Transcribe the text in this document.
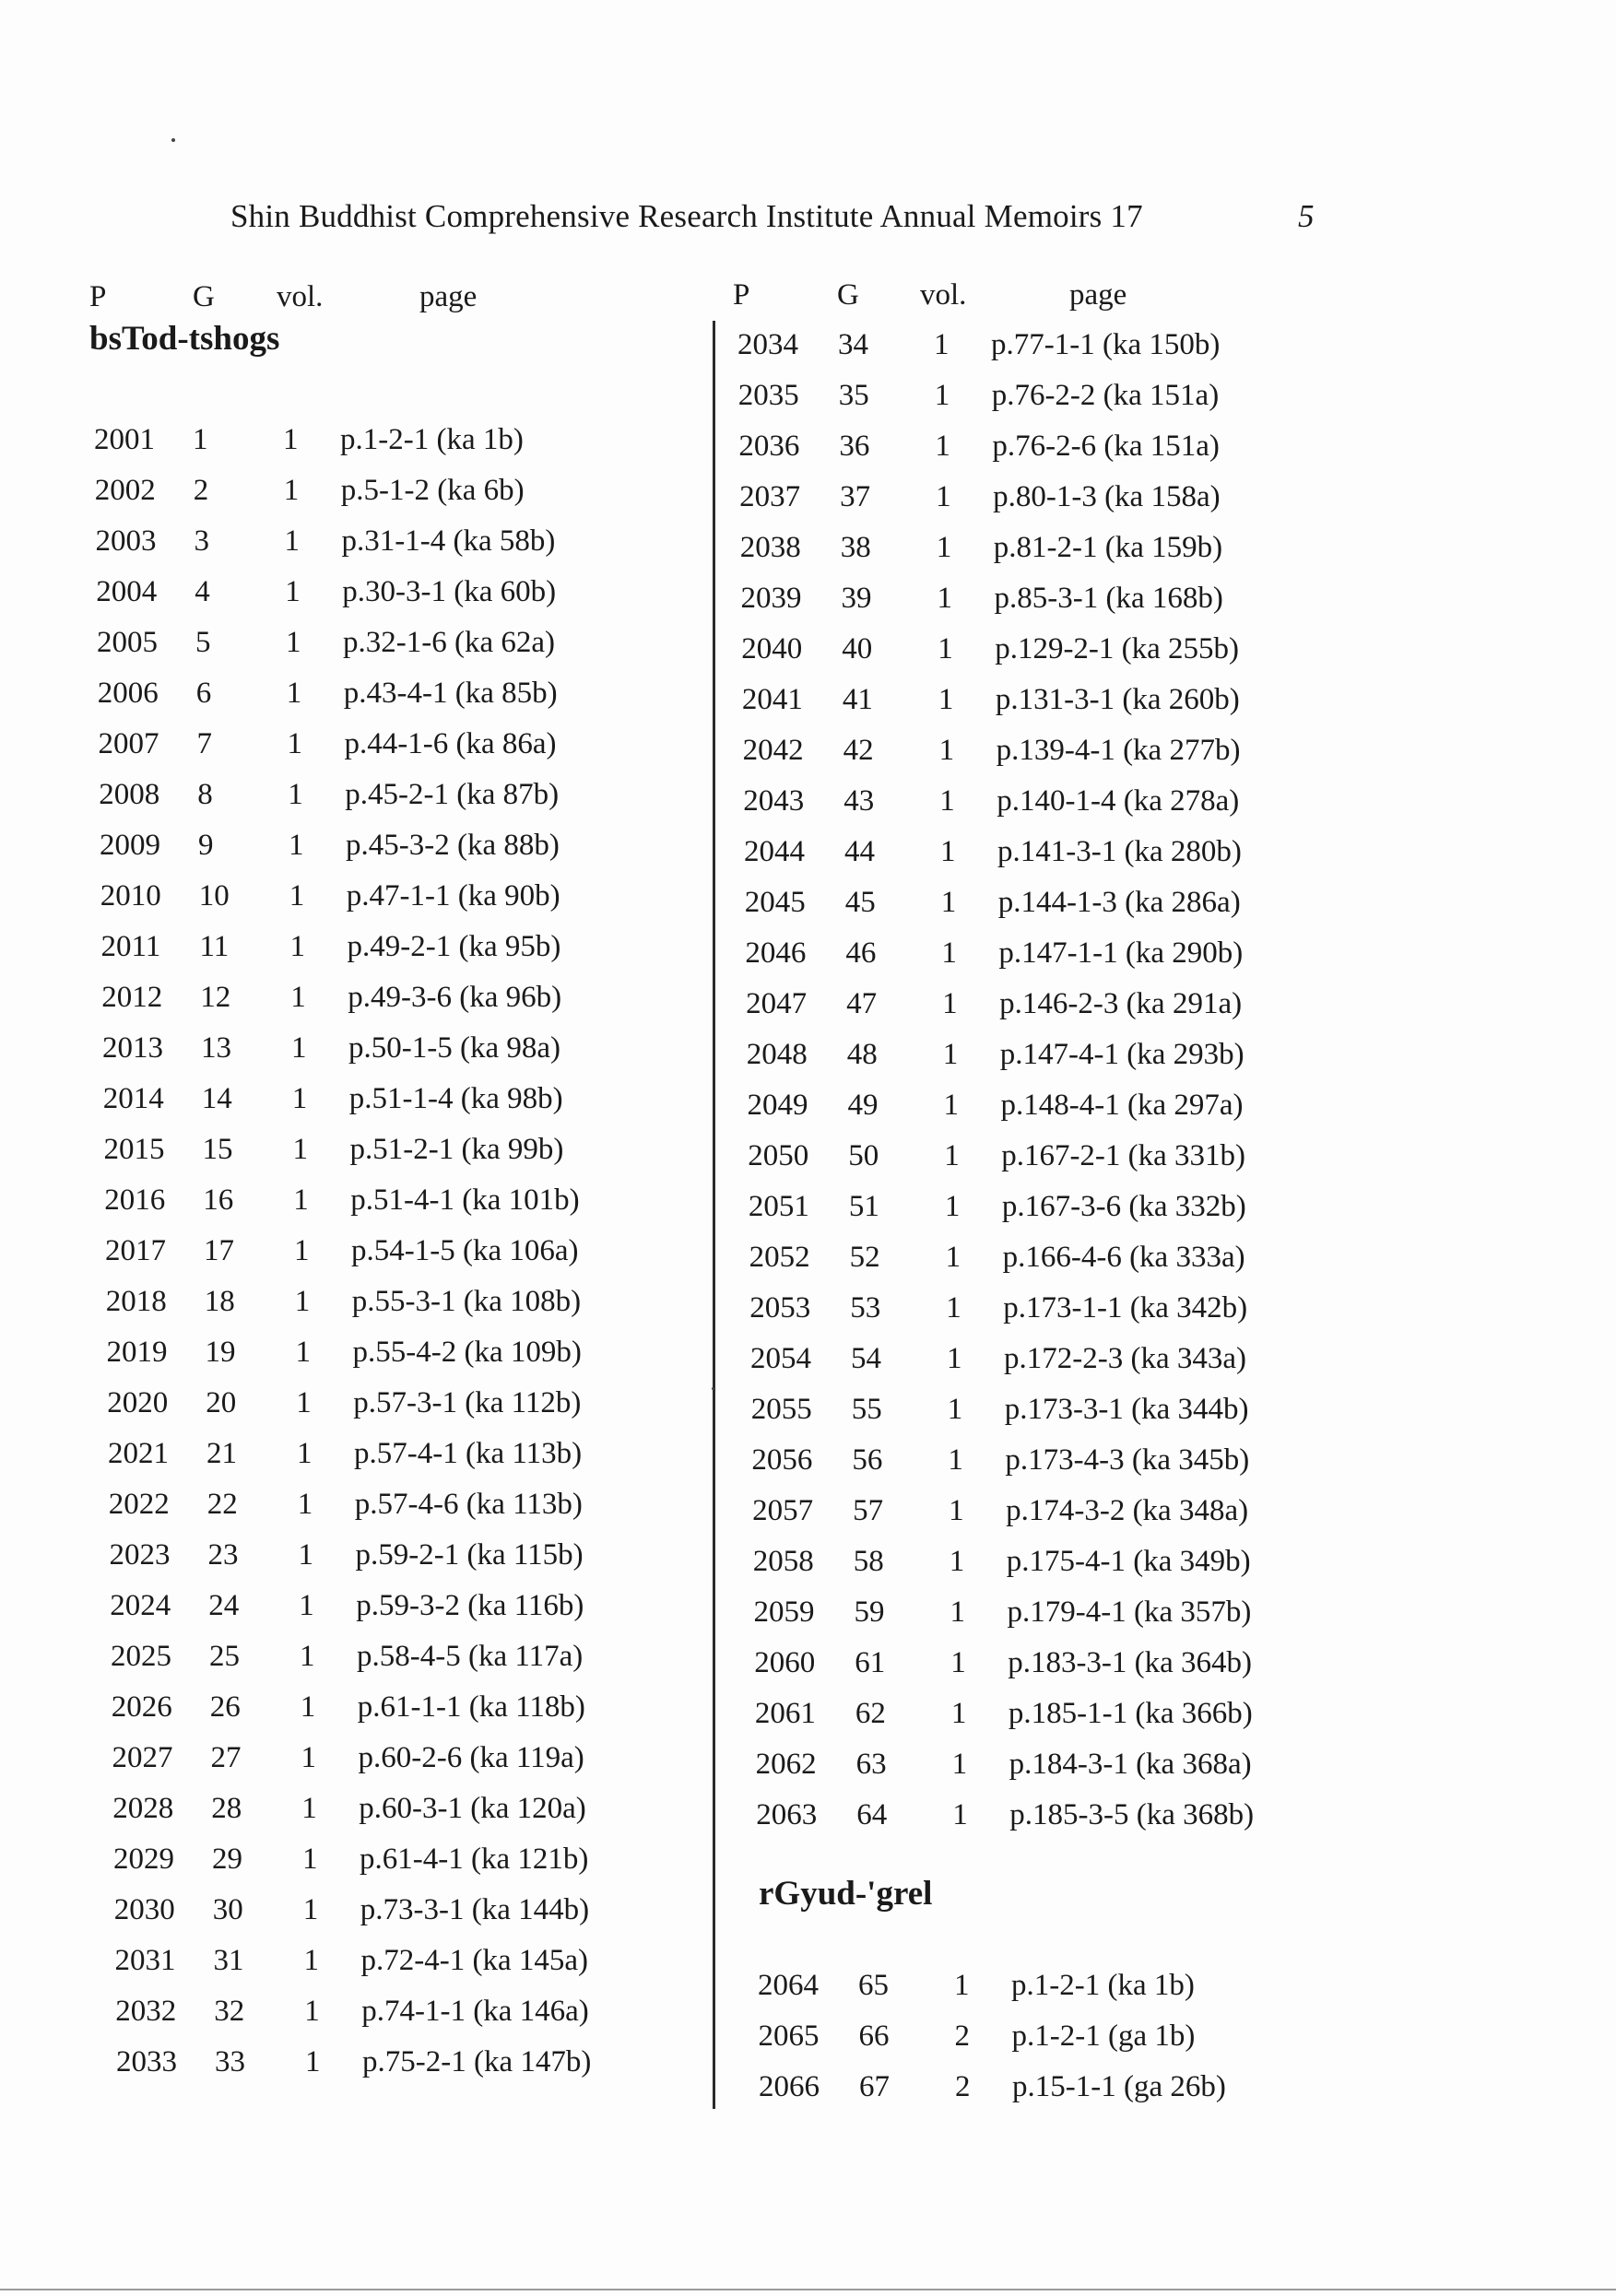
Shin Buddhist Comprehensive Research Institute Annual Memoirs 17	5
P	G vol.	page	P	G vol.	page
bsTod-tshogs
2001 1 1 p.1-2-1 (ka 1b)
2002 2 1 p.5-1-2 (ka 6b)
2003 3 1 p.31-1-4 (ka 58b)
2004 4 1 p.30-3-1 (ka 60b)
2005 5 1 p.32-1-6 (ka 62a)
2006 6 1 p.43-4-1 (ka 85b)
2007 7 1 p.44-1-6 (ka 86a)
2008 8 1 p.45-2-1 (ka 87b)
2009 9 1 p.45-3-2 (ka 88b)
2010 10 1 p.47-1-1 (ka 90b)
2011 11 1 p.49-2-1 (ka 95b)
2012 12 1 p.49-3-6 (ka 96b)
2013 13 1 p.50-1-5 (ka 98a)
2014 14 1 p.51-1-4 (ka 98b)
2015 15 1 p.51-2-1 (ka 99b)
2016 16 1 p.51-4-1 (ka 101b)
2017 17 1 p.54-1-5 (ka 106a)
2018 18 1 p.55-3-1 (ka 108b)
2019 19 1 p.55-4-2 (ka 109b)
2020 20 1 p.57-3-1 (ka 112b)
2021 21 1 p.57-4-1 (ka 113b)
2022 22 1 p.57-4-6 (ka 113b)
2023 23 1 p.59-2-1 (ka 115b)
2024 24 1 p.59-3-2 (ka 116b)
2025 25 1 p.58-4-5 (ka 117a)
2026 26 1 p.61-1-1 (ka 118b)
2027 27 1 p.60-2-6 (ka 119a)
2028 28 1 p.60-3-1 (ka 120a)
2029 29 1 p.61-4-1 (ka 121b)
2030 30 1 p.73-3-1 (ka 144b)
2031 31 1 p.72-4-1 (ka 145a)
2032 32 1 p.74-1-1 (ka 146a)
2033 33 1 p.75-2-1 (ka 147b)
2034 34 1 p.77-1-1 (ka 150b)
2035 35 1 p.76-2-2 (ka 151a)
2036 36 1 p.76-2-6 (ka 151a)
2037 37 1 p.80-1-3 (ka 158a)
2038 38 1 p.81-2-1 (ka 159b)
2039 39 1 p.85-3-1 (ka 168b)
2040 40 1 p.129-2-1 (ka 255b)
2041 41 1 p.131-3-1 (ka 260b)
2042 42 1 p.139-4-1 (ka 277b)
2043 43 1 p.140-1-4 (ka 278a)
2044 44 1 p.141-3-1 (ka 280b)
2045 45 1 p.144-1-3 (ka 286a)
2046 46 1 p.147-1-1 (ka 290b)
2047 47 1 p.146-2-3 (ka 291a)
2048 48 1 p.147-4-1 (ka 293b)
2049 49 1 p.148-4-1 (ka 297a)
2050 50 1 p.167-2-1 (ka 331b)
2051 51 1 p.167-3-6 (ka 332b)
2052 52 1 p.166-4-6 (ka 333a)
2053 53 1 p.173-1-1 (ka 342b)
2054 54 1 p.172-2-3 (ka 343a)
2055 55 1 p.173-3-1 (ka 344b)
2056 56 1 p.173-4-3 (ka 345b)
2057 57 1 p.174-3-2 (ka 348a)
2058 58 1 p.175-4-1 (ka 349b)
2059 59 1 p.179-4-1 (ka 357b)
2060 61 1 p.183-3-1 (ka 364b)
2061 62 1 p.185-1-1 (ka 366b)
2062 63 1 p.184-3-1 (ka 368a)
2063 64 1 p.185-3-5 (ka 368b)
rGyud-'grel
2064 65 1 p.1-2-1 (ka 1b)
2065 66 2 p.1-2-1 (ga 1b)
2066 67 2 p.15-1-1 (ga 26b)
